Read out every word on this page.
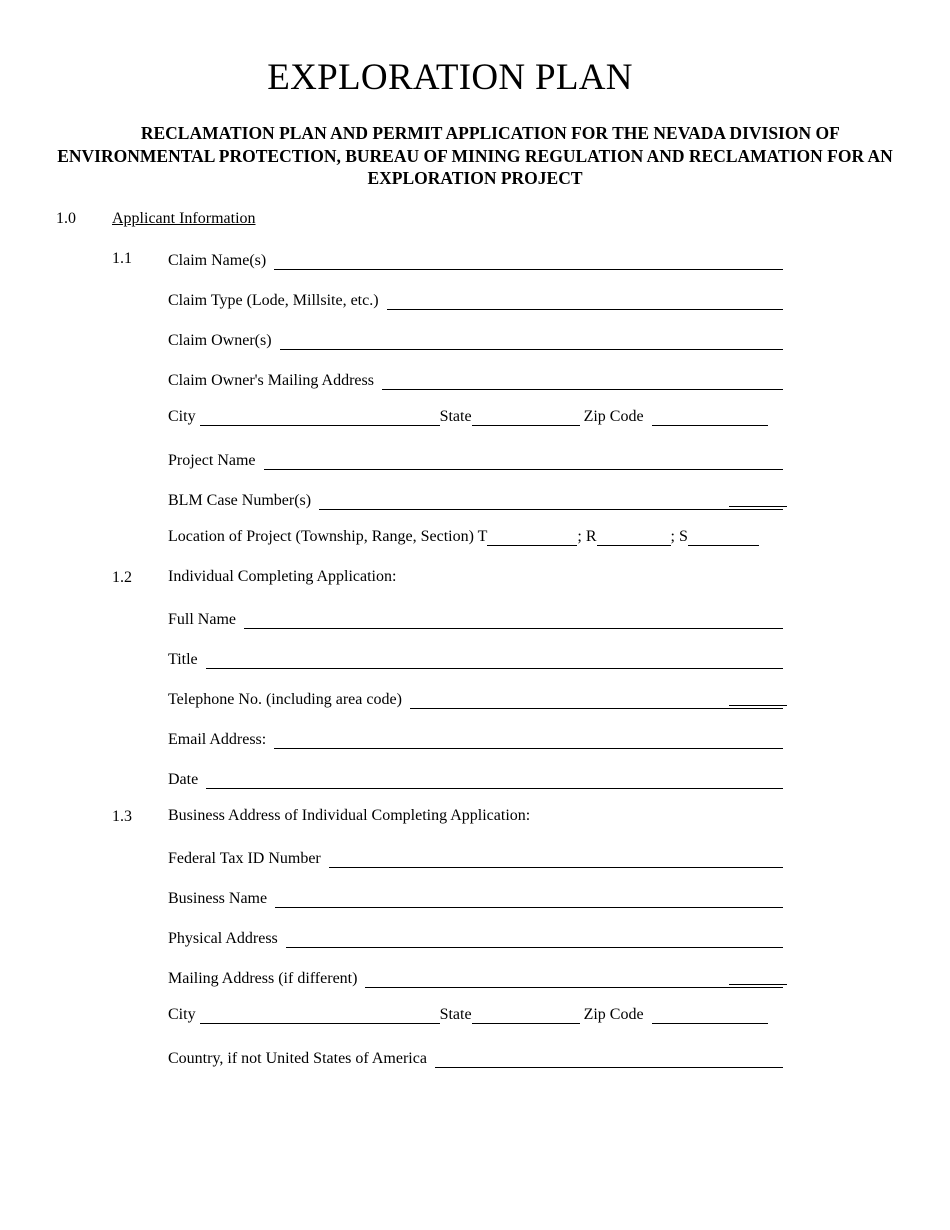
EXPLORATION PLAN
RECLAMATION PLAN AND PERMIT APPLICATION FOR THE NEVADA DIVISION OF ENVIRONMENTAL PROTECTION, BUREAU OF MINING REGULATION AND RECLAMATION FOR AN EXPLORATION PROJECT
1.0 Applicant Information
1.1 Claim Name(s)
Claim Type (Lode, Millsite, etc.)
Claim Owner(s)
Claim Owner's Mailing Address
City	State	Zip Code
Project Name
BLM Case Number(s)
Location of Project (Township, Range, Section) T	; R	; S
1.2 Individual Completing Application:
Full Name
Title
Telephone No. (including area code)
Email Address:
Date
1.3 Business Address of Individual Completing Application:
Federal Tax ID Number
Business Name
Physical Address
Mailing Address (if different)
City	State	Zip Code
Country, if not United States of America
